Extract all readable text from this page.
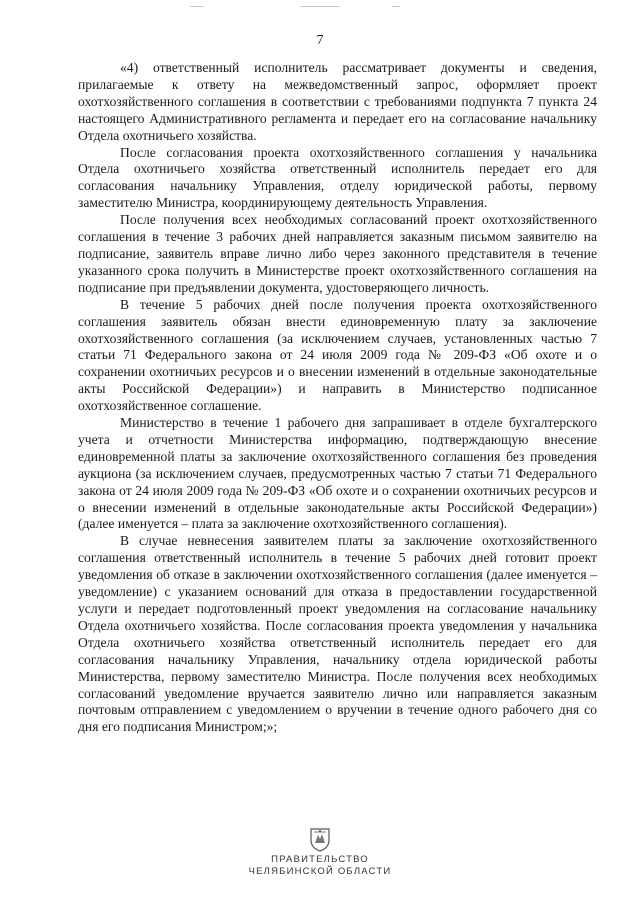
7

«4) ответственный исполнитель рассматривает документы и сведения, прилагаемые к ответу на межведомственный запрос, оформляет проект охотхозяйственного соглашения в соответствии с требованиями подпункта 7 пункта 24 настоящего Административного регламента и передает его на согласование начальнику Отдела охотничьего хозяйства.

После согласования проекта охотхозяйственного соглашения у начальника Отдела охотничьего хозяйства ответственный исполнитель передает его для согласования начальнику Управления, отделу юридической работы, первому заместителю Министра, координирующему деятельность Управления.

После получения всех необходимых согласований проект охотхозяйственного соглашения в течение 3 рабочих дней направляется заказным письмом заявителю на подписание, заявитель вправе лично либо через законного представителя в течение указанного срока получить в Министерстве проект охотхозяйственного соглашения на подписание при предъявлении документа, удостоверяющего личность.

В течение 5 рабочих дней после получения проекта охотхозяйственного соглашения заявитель обязан внести единовременную плату за заключение охотхозяйственного соглашения (за исключением случаев, установленных частью 7 статьи 71 Федерального закона от 24 июля 2009 года № 209-ФЗ «Об охоте и о сохранении охотничьих ресурсов и о внесении изменений в отдельные законодательные акты Российской Федерации») и направить в Министерство подписанное охотхозяйственное соглашение.

Министерство в течение 1 рабочего дня запрашивает в отделе бухгалтерского учета и отчетности Министерства информацию, подтверждающую внесение единовременной платы за заключение охотхозяйственного соглашения без проведения аукциона (за исключением случаев, предусмотренных частью 7 статьи 71 Федерального закона от 24 июля 2009 года № 209-ФЗ «Об охоте и о сохранении охотничьих ресурсов и о внесении изменений в отдельные законодательные акты Российской Федерации») (далее именуется – плата за заключение охотхозяйственного соглашения).

В случае невнесения заявителем платы за заключение охотхозяйственного соглашения ответственный исполнитель в течение 5 рабочих дней готовит проект уведомления об отказе в заключении охотхозяйственного соглашения (далее именуется – уведомление) с указанием оснований для отказа в предоставлении государственной услуги и передает подготовленный проект уведомления на согласование начальнику Отдела охотничьего хозяйства. После согласования проекта уведомления у начальника Отдела охотничьего хозяйства ответственный исполнитель передает его для согласования начальнику Управления, начальнику отдела юридической работы Министерства, первому заместителю Министра. После получения всех необходимых согласований уведомление вручается заявителю лично или направляется заказным почтовым отправлением с уведомлением о вручении в течение одного рабочего дня со дня его подписания Министром;»;

ПРАВИТЕЛЬСТВО
ЧЕЛЯБИНСКОЙ ОБЛАСТИ
